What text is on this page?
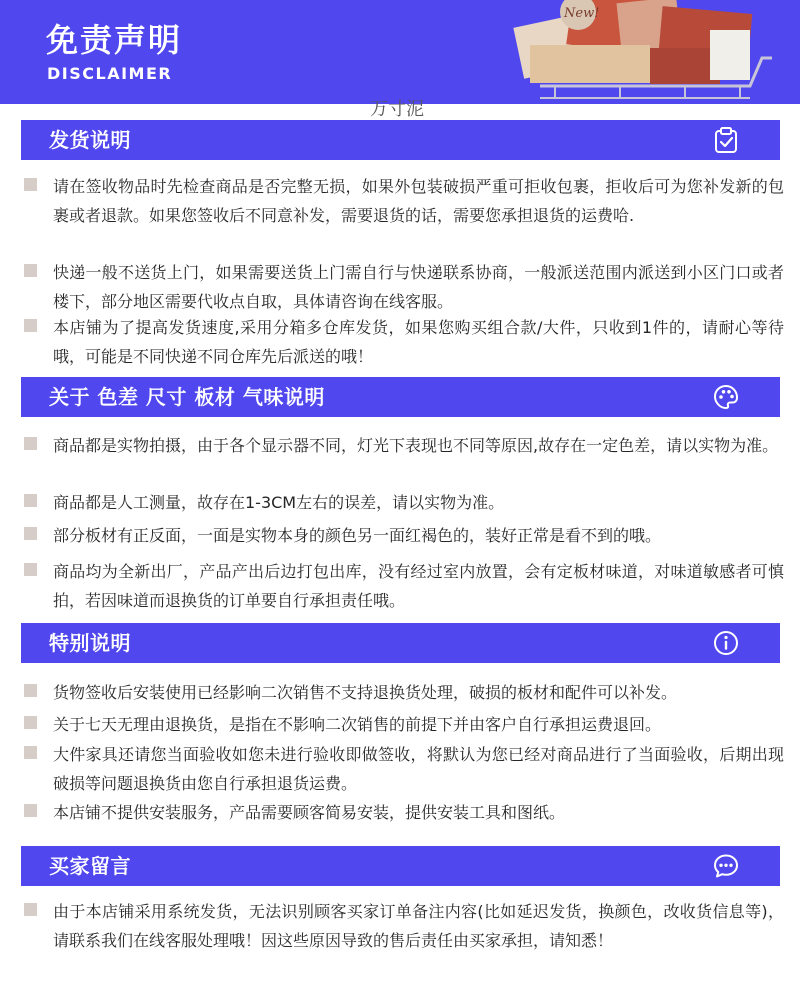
免责声明
DISCLAIMER
New!
万寸泥
发货说明
请在签收物品时先检查商品是否完整无损，如果外包装破损严重可拒收包裹，拒收后可为您补发新的包裹或者退款。如果您签收后不同意补发，需要退货的话，需要您承担退货的运费哈.
快递一般不送货上门，如果需要送货上门需自行与快递联系协商，一般派送范围内派送到小区门口或者楼下，部分地区需要代收点自取，具体请咨询在线客服。
本店铺为了提高发货速度,采用分箱多仓库发货，如果您购买组合款/大件，只收到1件的，请耐心等待哦，可能是不同快递不同仓库先后派送的哦！
关于 色差 尺寸 板材 气味说明
商品都是实物拍摄，由于各个显示器不同，灯光下表现也不同等原因,故存在一定色差，请以实物为准。
商品都是人工测量，故存在1-3CM左右的误差，请以实物为准。
部分板材有正反面，一面是实物本身的颜色另一面红褐色的，装好正常是看不到的哦。
商品均为全新出厂，产品产出后边打包出库，没有经过室内放置，会有定板材味道，对味道敏感者可慎拍，若因味道而退换货的订单要自行承担责任哦。
特别说明
货物签收后安装使用已经影响二次销售不支持退换货处理，破损的板材和配件可以补发。
关于七天无理由退换货，是指在不影响二次销售的前提下并由客户自行承担运费退回。
大件家具还请您当面验收如您未进行验收即做签收，将默认为您已经对商品进行了当面验收，后期出现破损等问题退换货由您自行承担退货运费。
本店铺不提供安装服务，产品需要顾客简易安装，提供安装工具和图纸。
买家留言
由于本店铺采用系统发货，无法识别顾客买家订单备注内容(比如延迟发货，换颜色，改收货信息等)，请联系我们在线客服处理哦！因这些原因导致的售后责任由买家承担，请知悉！
